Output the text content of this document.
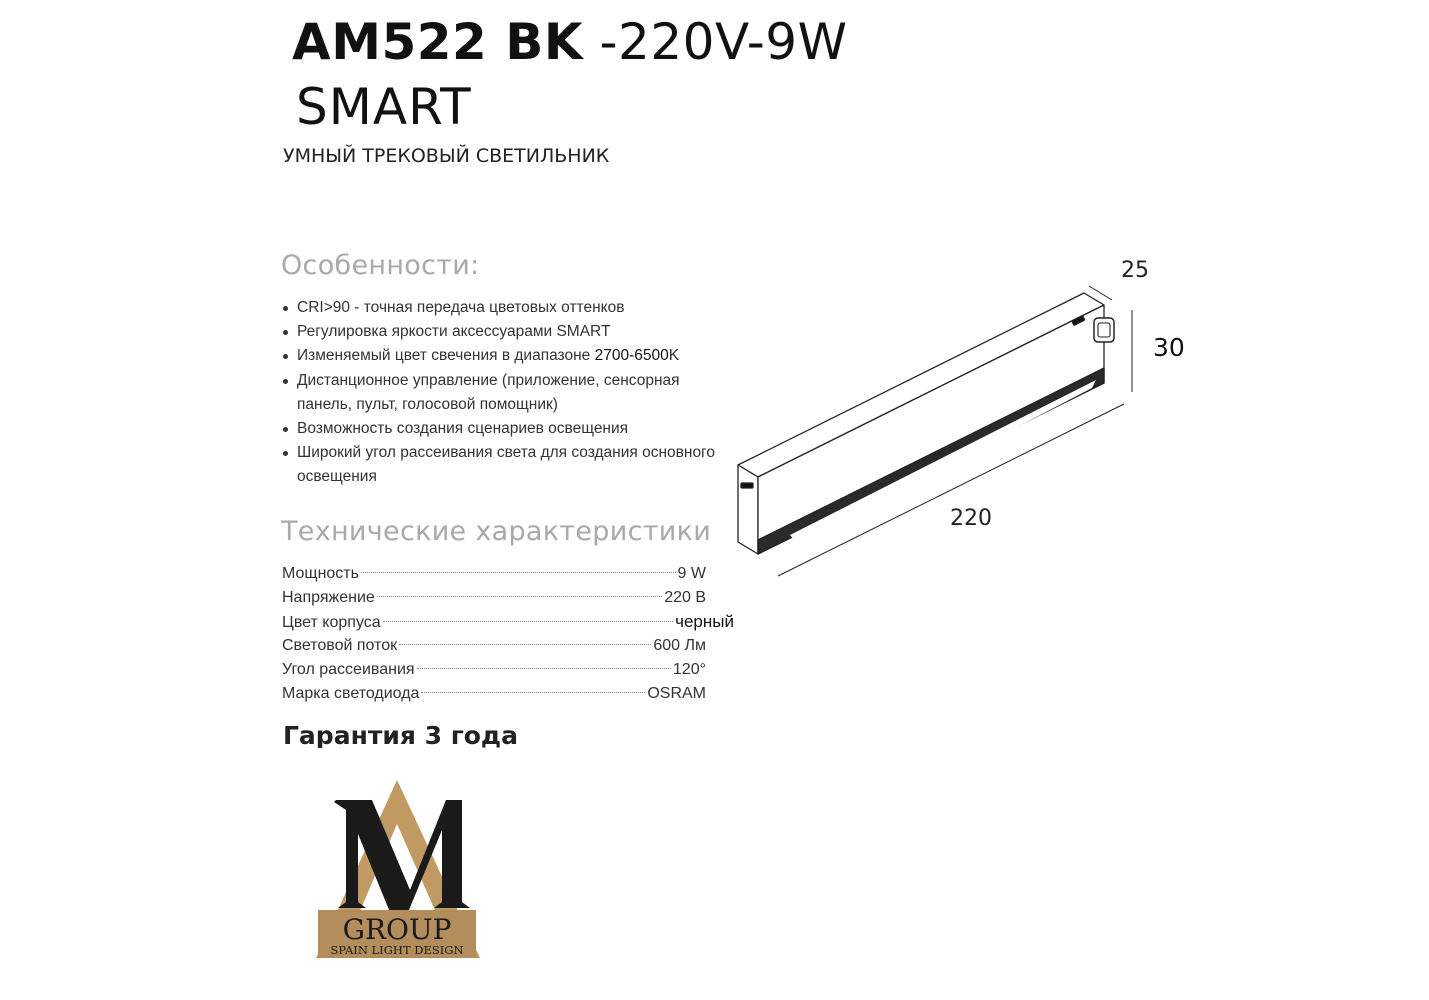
AM522 BK -220V-9W
SMART
УМНЫЙ ТРЕКОВЫЙ СВЕТИЛЬНИК
Особенности:
CRI>90 - точная передача цветовых оттенков
Регулировка яркости аксессуарами SMART
Изменяемый цвет свечения в диапазоне 2700-6500K
Дистанционное управление (приложение, сенсорная панель, пульт, голосовой помощник)
Возможность создания сценариев освещения
Широкий угол рассеивания света для создания основного освещения
Технические характеристики
Мощность	9 W
Напряжение	220 В
Цвет корпуса	черный
Световой поток	600 Лм
Угол рассеивания	120°
Марка светодиода	OSRAM
Гарантия 3 года
25
30
220
GROUP
SPAIN LIGHT DESIGN
